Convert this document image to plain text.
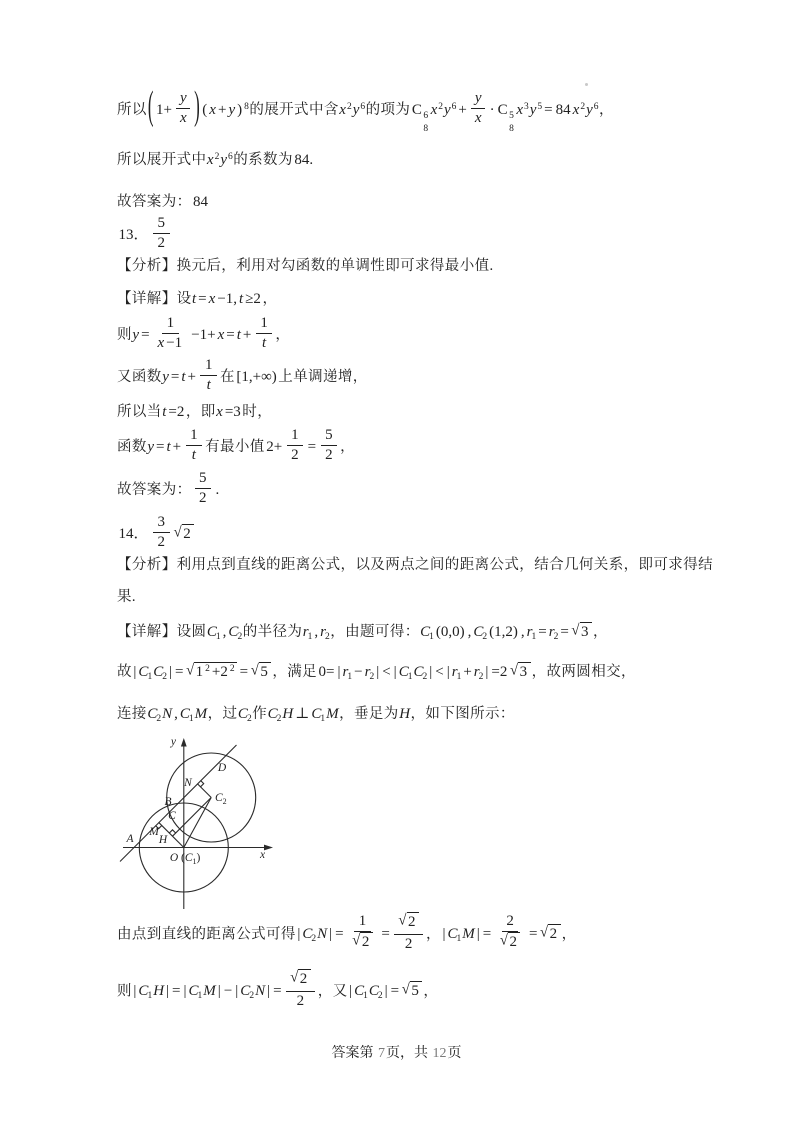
所以( $1+ \frac{y}{x}$ ) ( x + y ) $^8$的展开式中含$x^2y^6$的项为 C 6
8
$x^2y^6 + \frac{y}{x} \cdot C$ 5
8
$x^3y^5 = 84$ $x^2y^6$，
所以展开式中$x^2y^6$的系数为 84.
故答案为： 84
13． $\frac{5}{2}$
【分析】换元后，利用对勾函数的单调性即可求得最小值.
【详解】设t = x −1, t ≥2 ，
则$y = \frac{1}{x -1} -1+ x = t + \frac{1}{t}$ ，
又函数$y = t + \frac{1}{t}$ 在 [1,+∞) 上单调递增，
所以当t =2 ，即x =3 时，
函数$y = t + \frac{1}{t}$ 有最小值 $2+ \frac{1}{2} = \frac{5}{2}$ ，
故答案为： $\frac{5}{2}$ .
14． $\frac{3}{2}$ √ 2
【分析】利用点到直线的距离公式，以及两点之间的距离公式，结合几何关系，即可求得结
果.
【详解】设圆$C_1$ , $C_2$的半径为$r_1$ , $r_2$，由题可得：$C_1$ (0,0) , $C_2$ (1,2) , $r_1 = r_2$ = √ 3 ，
故 | $C_1C_2$ | = √ 1 $^2$ +2 $^2$ = √ 5 ，满足 0= | $r_1 - r_2$ | < | $C_1C_2$ | < | $r_1 + r_2$ | =2 √ 3 ，故两圆相交，
连接$C_2N$ , $C_1M$，过$C_2$作$C_2H$ ⊥ $C_1M$，垂足为H，如下图所示：
由点到直线的距离公式可得 | $C_2N$ | = $\frac{1}{√ 2} = \frac{√ 2}{2}$ ， | $C_1M$ | = $\frac{2}{√ 2}$ = √ 2 ，
则 | $C_1H$ | = | $C_1M$ | − | $C_2N$ | = $\frac{√ 2}{2}$ ，又 | $C_1C_2$ | = √ 5 ，
y
x
O $(C_1)$
A
M
H
B
C
N
D
$C_2$
答案第 7页，共 12页
